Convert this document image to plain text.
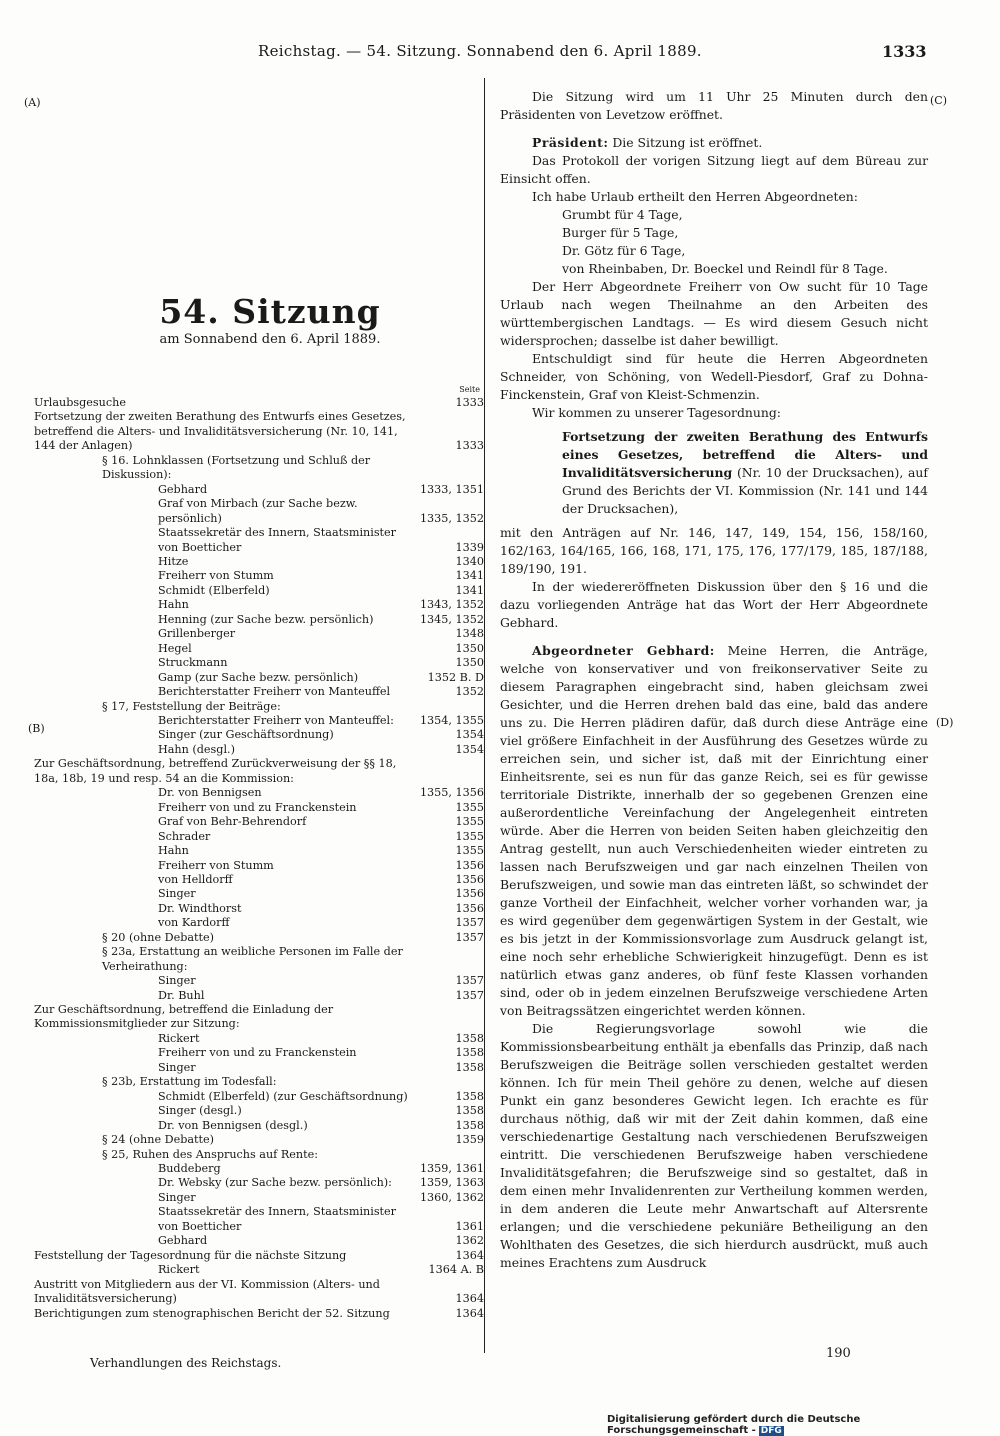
Reichstag. — 54. Sitzung. Sonnabend den 6. April 1889.	1333
(A)
(B)
(C)
(D)
54. Sitzung
am Sonnabend den 6. April 1889.
Seite
Urlaubsgesuche	1333
Fortsetzung der zweiten Berathung des Entwurfs eines Gesetzes, betreffend die Alters- und Invaliditätsversicherung (Nr. 10, 141, 144 der Anlagen)	1333
§ 16. Lohnklassen (Fortsetzung und Schluß der Diskussion):
Gebhard	1333, 1351
Graf von Mirbach (zur Sache bezw. persönlich)	1335, 1352
Staatssekretär des Innern, Staatsminister von Boetticher	1339
Hitze	1340
Freiherr von Stumm	1341
Schmidt (Elberfeld)	1341
Hahn	1343, 1352
Henning (zur Sache bezw. persönlich)	1345, 1352
Grillenberger	1348
Hegel	1350
Struckmann	1350
Gamp (zur Sache bezw. persönlich)	1352 B. D
Berichterstatter Freiherr von Manteuffel	1352
§ 17, Feststellung der Beiträge:
Berichterstatter Freiherr von Manteuffel:	1354, 1355
Singer (zur Geschäftsordnung)	1354
Hahn (desgl.)	1354
Zur Geschäftsordnung, betreffend Zurückverweisung der §§ 18, 18a, 18b, 19 und resp. 54 an die Kommission:
Dr. von Bennigsen	1355, 1356
Freiherr von und zu Franckenstein	1355
Graf von Behr-Behrendorf	1355
Schrader	1355
Hahn	1355
Freiherr von Stumm	1356
von Helldorff	1356
Singer	1356
Dr. Windthorst	1356
von Kardorff	1357
§ 20 (ohne Debatte)	1357
§ 23a, Erstattung an weibliche Personen im Falle der Verheirathung:
Singer	1357
Dr. Buhl	1357
Zur Geschäftsordnung, betreffend die Einladung der Kommissionsmitglieder zur Sitzung:
Rickert	1358
Freiherr von und zu Franckenstein	1358
Singer	1358
§ 23b, Erstattung im Todesfall:
Schmidt (Elberfeld) (zur Geschäftsordnung)	1358
Singer (desgl.)	1358
Dr. von Bennigsen (desgl.)	1358
§ 24 (ohne Debatte)	1359
§ 25, Ruhen des Anspruchs auf Rente:
Buddeberg	1359, 1361
Dr. Websky (zur Sache bezw. persönlich):	1359, 1363
Singer	1360, 1362
Staatssekretär des Innern, Staatsminister von Boetticher	1361
Gebhard	1362
Feststellung der Tagesordnung für die nächste Sitzung	1364
Rickert	1364 A. B
Austritt von Mitgliedern aus der VI. Kommission (Alters- und Invaliditätsversicherung)	1364
Berichtigungen zum stenographischen Bericht der 52. Sitzung	1364

Die Sitzung wird um 11 Uhr 25 Minuten durch den Präsidenten von Levetzow eröffnet.

Präsident: Die Sitzung ist eröffnet.

Das Protokoll der vorigen Sitzung liegt auf dem Büreau zur Einsicht offen.

Ich habe Urlaub ertheilt den Herren Abgeordneten:

Grumbt für 4 Tage,
Burger für 5 Tage,
Dr. Götz für 6 Tage,
von Rheinbaben, Dr. Boeckel und Reindl für 8 Tage.

Der Herr Abgeordnete Freiherr von Ow sucht für 10 Tage Urlaub nach wegen Theilnahme an den Arbeiten des württembergischen Landtags. — Es wird diesem Gesuch nicht widersprochen; dasselbe ist daher bewilligt.

Entschuldigt sind für heute die Herren Abgeordneten Schneider, von Schöning, von Wedell-Piesdorf, Graf zu Dohna-Finckenstein, Graf von Kleist-Schmenzin.

Wir kommen zu unserer Tagesordnung:

Fortsetzung der zweiten Berathung des Entwurfs eines Gesetzes, betreffend die Alters- und Invaliditätsversicherung (Nr. 10 der Drucksachen), auf Grund des Berichts der VI. Kommission (Nr. 141 und 144 der Drucksachen),

mit den Anträgen auf Nr. 146, 147, 149, 154, 156, 158/160, 162/163, 164/165, 166, 168, 171, 175, 176, 177/179, 185, 187/188, 189/190, 191.

In der wiedereröffneten Diskussion über den § 16 und die dazu vorliegenden Anträge hat das Wort der Herr Abgeordnete Gebhard.

Abgeordneter Gebhard: Meine Herren, die Anträge, welche von konservativer und von freikonservativer Seite zu diesem Paragraphen eingebracht sind, haben gleichsam zwei Gesichter, und die Herren drehen bald das eine, bald das andere uns zu. Die Herren plädiren dafür, daß durch diese Anträge eine viel größere Einfachheit in der Ausführung des Gesetzes würde zu erreichen sein, und sicher ist, daß mit der Einrichtung einer Einheitsrente, sei es nun für das ganze Reich, sei es für gewisse territoriale Distrikte, innerhalb der so gegebenen Grenzen eine außerordentliche Vereinfachung der Angelegenheit eintreten würde. Aber die Herren von beiden Seiten haben gleichzeitig den Antrag gestellt, nun auch Verschiedenheiten wieder eintreten zu lassen nach Berufszweigen und gar nach einzelnen Theilen von Berufszweigen, und sowie man das eintreten läßt, so schwindet der ganze Vortheil der Einfachheit, welcher vorher vorhanden war, ja es wird gegenüber dem gegenwärtigen System in der Gestalt, wie es bis jetzt in der Kommissionsvorlage zum Ausdruck gelangt ist, eine noch sehr erhebliche Schwierigkeit hinzugefügt. Denn es ist natürlich etwas ganz anderes, ob fünf feste Klassen vorhanden sind, oder ob in jedem einzelnen Berufszweige verschiedene Arten von Beitragssätzen eingerichtet werden können.

Die Regierungsvorlage sowohl wie die Kommissionsbearbeitung enthält ja ebenfalls das Prinzip, daß nach Berufszweigen die Beiträge sollen verschieden gestaltet werden können. Ich für mein Theil gehöre zu denen, welche auf diesen Punkt ein ganz besonderes Gewicht legen. Ich erachte es für durchaus nöthig, daß wir mit der Zeit dahin kommen, daß eine verschiedenartige Gestaltung nach verschiedenen Berufszweigen eintritt. Die verschiedenen Berufszweige haben verschiedene Invaliditätsgefahren; die Berufszweige sind so gestaltet, daß in dem einen mehr Invalidenrenten zur Vertheilung kommen werden, in dem anderen die Leute mehr Anwartschaft auf Altersrente erlangen; und die verschiedene pekuniäre Betheiligung an den Wohlthaten des Gesetzes, die sich hierdurch ausdrückt, muß auch meines Erachtens zum Ausdruck

Verhandlungen des Reichstags.
190
Digitalisierung gefördert durch die Deutsche Forschungsgemeinschaft - DFG
